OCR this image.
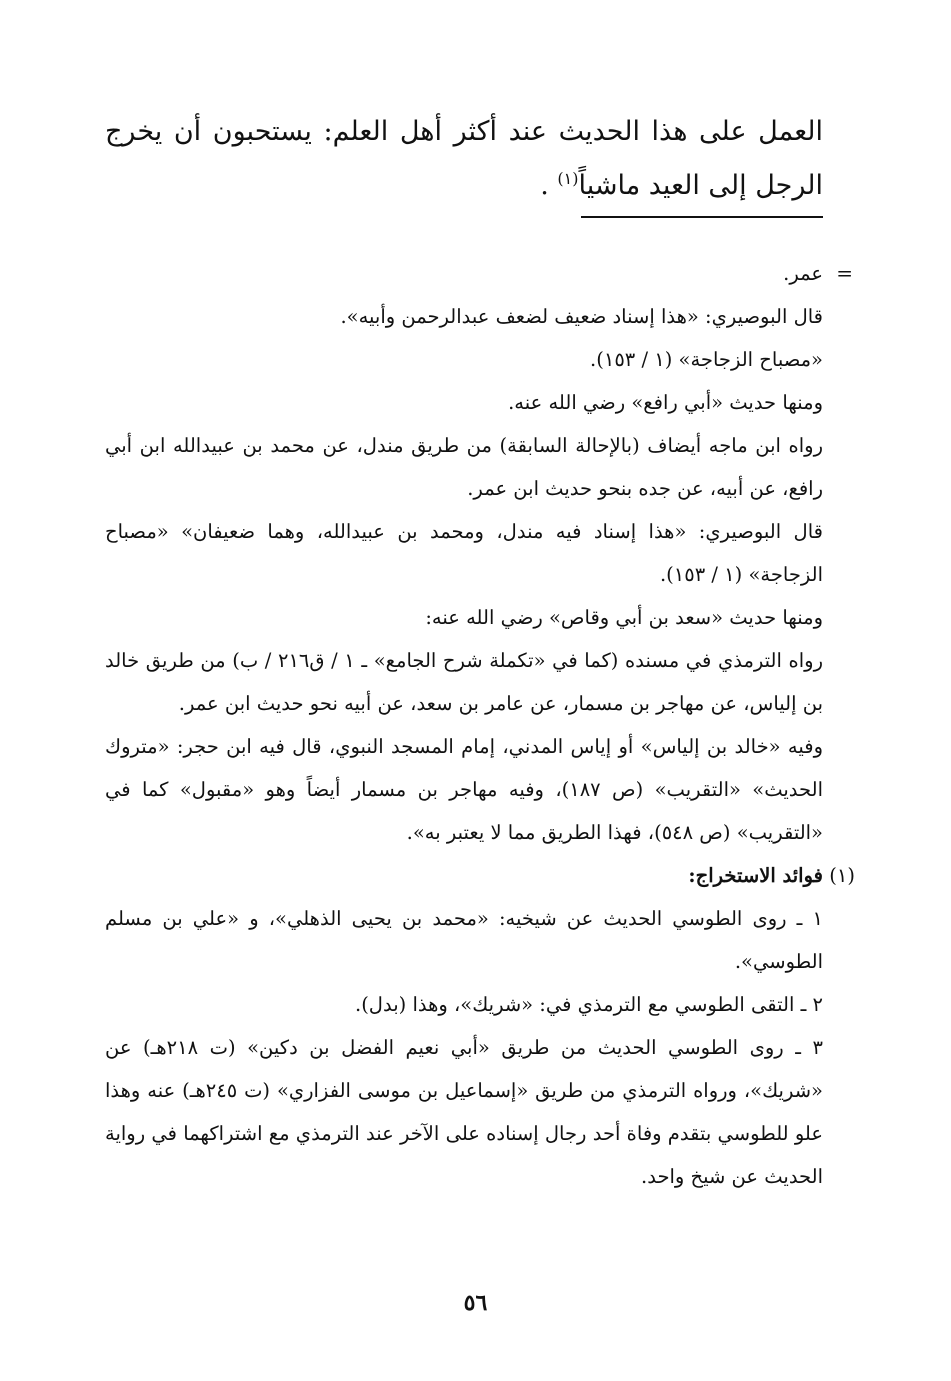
العمل على هذا الحديث عند أكثر أهل العلم: يستحبون أن يخرج الرجل إلى العيد ماشياً$^{(١)}$ .

=

عمر.

قال البوصيري: «هذا إسناد ضعيف لضعف عبدالرحمن وأبيه».

«مصباح الزجاجة» (١ / ١٥٣).

ومنها حديث «أبي رافع» رضي الله عنه.

رواه ابن ماجه أيضاف (بالإحالة السابقة) من طريق مندل، عن محمد بن عبيدالله ابن أبي رافع، عن أبيه، عن جده بنحو حديث ابن عمر.

قال البوصيري: «هذا إسناد فيه مندل، ومحمد بن عبيدالله، وهما ضعيفان» «مصباح الزجاجة» (١ / ١٥٣).

ومنها حديث «سعد بن أبي وقاص» رضي الله عنه:

رواه الترمذي في مسنده (كما في «تكملة شرح الجامع» ـ ١ / ق٢١٦ / ب) من طريق خالد بن إلياس، عن مهاجر بن مسمار، عن عامر بن سعد، عن أبيه نحو حديث ابن عمر.

وفيه «خالد بن إلياس» أو إياس المدني، إمام المسجد النبوي، قال فيه ابن حجر: «متروك الحديث» «التقريب» (ص ١٨٧)، وفيه مهاجر بن مسمار أيضاً وهو «مقبول» كما في «التقريب» (ص ٥٤٨)، فهذا الطريق مما لا يعتبر به».

(١)
فوائد الاستخراج:

١ ـ روى الطوسي الحديث عن شيخيه: «محمد بن يحيى الذهلي»، و «علي بن مسلم الطوسي».

٢ ـ التقى الطوسي مع الترمذي في: «شريك»، وهذا (بدل).

٣ ـ روى الطوسي الحديث من طريق «أبي نعيم الفضل بن دكين» (ت ٢١٨هـ) عن «شريك»، ورواه الترمذي من طريق «إسماعيل بن موسى الفزاري» (ت ٢٤٥هـ) عنه وهذا علو للطوسي بتقدم وفاة أحد رجال إسناده على الآخر عند الترمذي مع اشتراكهما في رواية الحديث عن شيخ واحد.

٥٦
